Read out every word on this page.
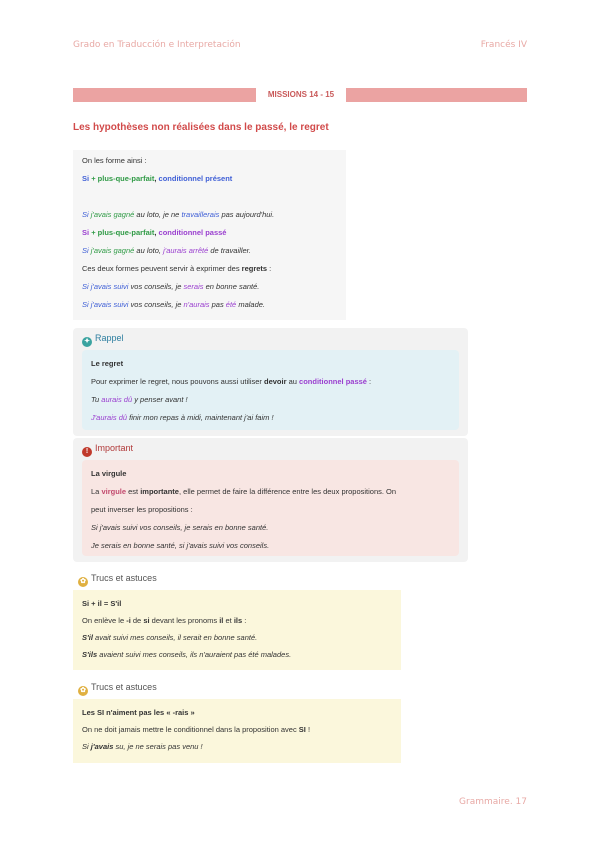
Grado en Traducción e Interpretación	Francés IV
MISSIONS 14 - 15
Les hypothèses non réalisées dans le passé, le regret
On les forme ainsi :
Si + plus-que-parfait, conditionnel présent
Si j'avais gagné au loto, je ne travaillerais pas aujourd'hui.
Si + plus-que-parfait, conditionnel passé
Si j'avais gagné au loto, j'aurais arrêté de travailler.
Ces deux formes peuvent servir à exprimer des regrets :
Si j'avais suivi vos conseils, je serais en bonne santé.
Si j'avais suivi vos conseils, je n'aurais pas été malade.
✦ Rappel
Le regret
Pour exprimer le regret, nous pouvons aussi utiliser devoir au conditionnel passé :
Tu aurais dû y penser avant !
J'aurais dû finir mon repas à midi, maintenant j'ai faim !
! Important
La virgule
La virgule est importante, elle permet de faire la différence entre les deux propositions. On
peut inverser les propositions :
Si j'avais suivi vos conseils, je serais en bonne santé.
Je serais en bonne santé, si j'avais suivi vos conseils.
✿ Trucs et astuces
Si + il = S'il
On enlève le -i de si devant les pronoms il et ils :
S'il avait suivi mes conseils, il serait en bonne santé.
S'ils avaient suivi mes conseils, ils n'auraient pas été malades.
✿ Trucs et astuces
Les SI n'aiment pas les « -rais »
On ne doit jamais mettre le conditionnel dans la proposition avec SI !
Si j'avais su, je ne serais pas venu !
Grammaire. 17
